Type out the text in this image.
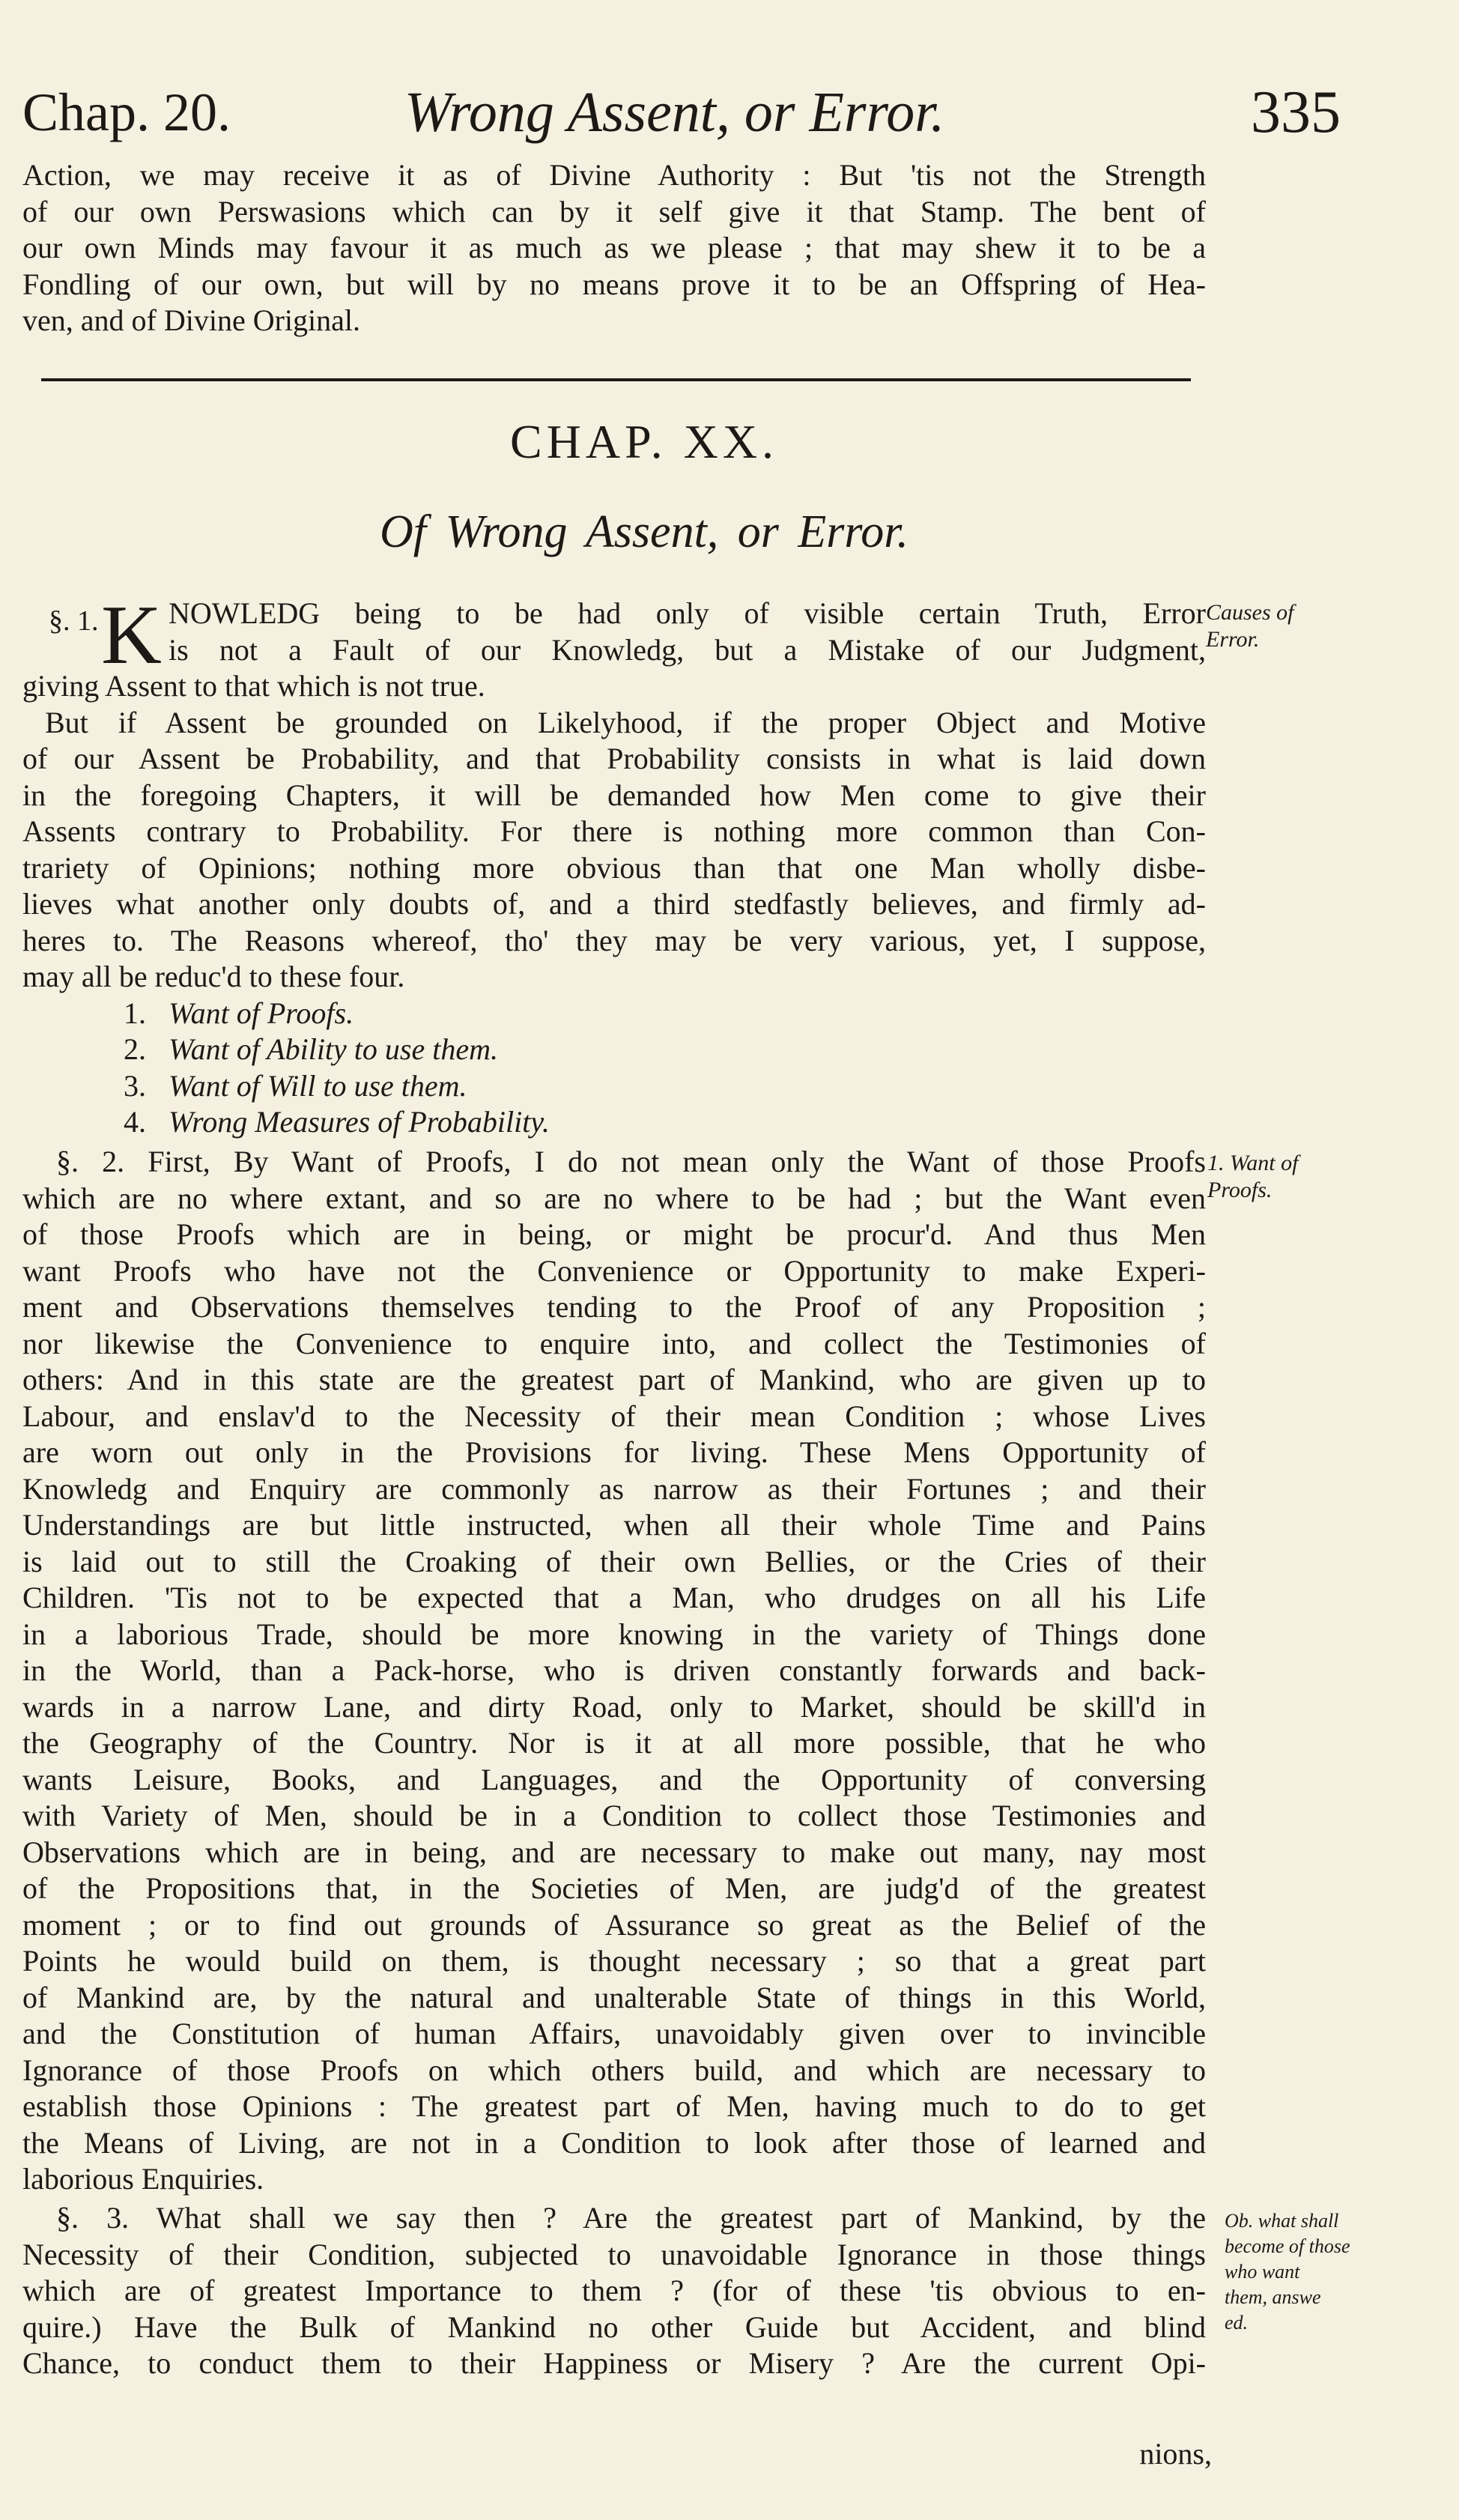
Chap. 20.	Wrong Assent, or Error.	335
Action, we may receive it as of Divine Authority : But 'tis not the Strength
of our own Perswasions which can by it self give it that Stamp. The bent of
our own Minds may favour it as much as we please ; that may shew it to be a
Fondling of our own, but will by no means prove it to be an Offspring of Hea-
ven, and of Divine Original.
CHAP. XX.
Of Wrong Assent, or Error.
§. 1. K NOWLEDG being to be had only of visible certain Truth, Error
is not a Fault of our Knowledg, but a Mistake of our Judgment,
giving Assent to that which is not true.
But if Assent be grounded on Likelyhood, if the proper Object and Motive
of our Assent be Probability, and that Probability consists in what is laid down
in the foregoing Chapters, it will be demanded how Men come to give their
Assents contrary to Probability. For there is nothing more common than Con-
trariety of Opinions; nothing more obvious than that one Man wholly disbe-
lieves what another only doubts of, and a third stedfastly believes, and firmly ad-
heres to. The Reasons whereof, tho' they may be very various, yet, I suppose,
may all be reduc'd to these four.
1. Want of Proofs.
2. Want of Ability to use them.
3. Want of Will to use them.
4. Wrong Measures of Probability.
Causes of
Error.
§. 2. First, By Want of Proofs, I do not mean only the Want of those Proofs
which are no where extant, and so are no where to be had ; but the Want even
of those Proofs which are in being, or might be procur'd. And thus Men
want Proofs who have not the Convenience or Opportunity to make Experi-
ment and Observations themselves tending to the Proof of any Proposition ;
nor likewise the Convenience to enquire into, and collect the Testimonies of
others: And in this state are the greatest part of Mankind, who are given up to
Labour, and enslav'd to the Necessity of their mean Condition ; whose Lives
are worn out only in the Provisions for living. These Mens Opportunity of
Knowledg and Enquiry are commonly as narrow as their Fortunes ; and their
Understandings are but little instructed, when all their whole Time and Pains
is laid out to still the Croaking of their own Bellies, or the Cries of their
Children. 'Tis not to be expected that a Man, who drudges on all his Life
in a laborious Trade, should be more knowing in the variety of Things done
in the World, than a Pack-horse, who is driven constantly forwards and back-
wards in a narrow Lane, and dirty Road, only to Market, should be skill'd in
the Geography of the Country. Nor is it at all more possible, that he who
wants Leisure, Books, and Languages, and the Opportunity of conversing
with Variety of Men, should be in a Condition to collect those Testimonies and
Observations which are in being, and are necessary to make out many, nay most
of the Propositions that, in the Societies of Men, are judg'd of the greatest
moment ; or to find out grounds of Assurance so great as the Belief of the
Points he would build on them, is thought necessary ; so that a great part
of Mankind are, by the natural and unalterable State of things in this World,
and the Constitution of human Affairs, unavoidably given over to invincible
Ignorance of those Proofs on which others build, and which are necessary to
establish those Opinions : The greatest part of Men, having much to do to get
the Means of Living, are not in a Condition to look after those of learned and
laborious Enquiries.
1. Want of
Proofs.
§. 3. What shall we say then ? Are the greatest part of Mankind, by the
Necessity of their Condition, subjected to unavoidable Ignorance in those things
which are of greatest Importance to them ? (for of these 'tis obvious to en-
quire.) Have the Bulk of Mankind no other Guide but Accident, and blind
Chance, to conduct them to their Happiness or Misery ? Are the current Opi-
Ob. what shall
become of those
who want
them, answe
ed.
nions,
